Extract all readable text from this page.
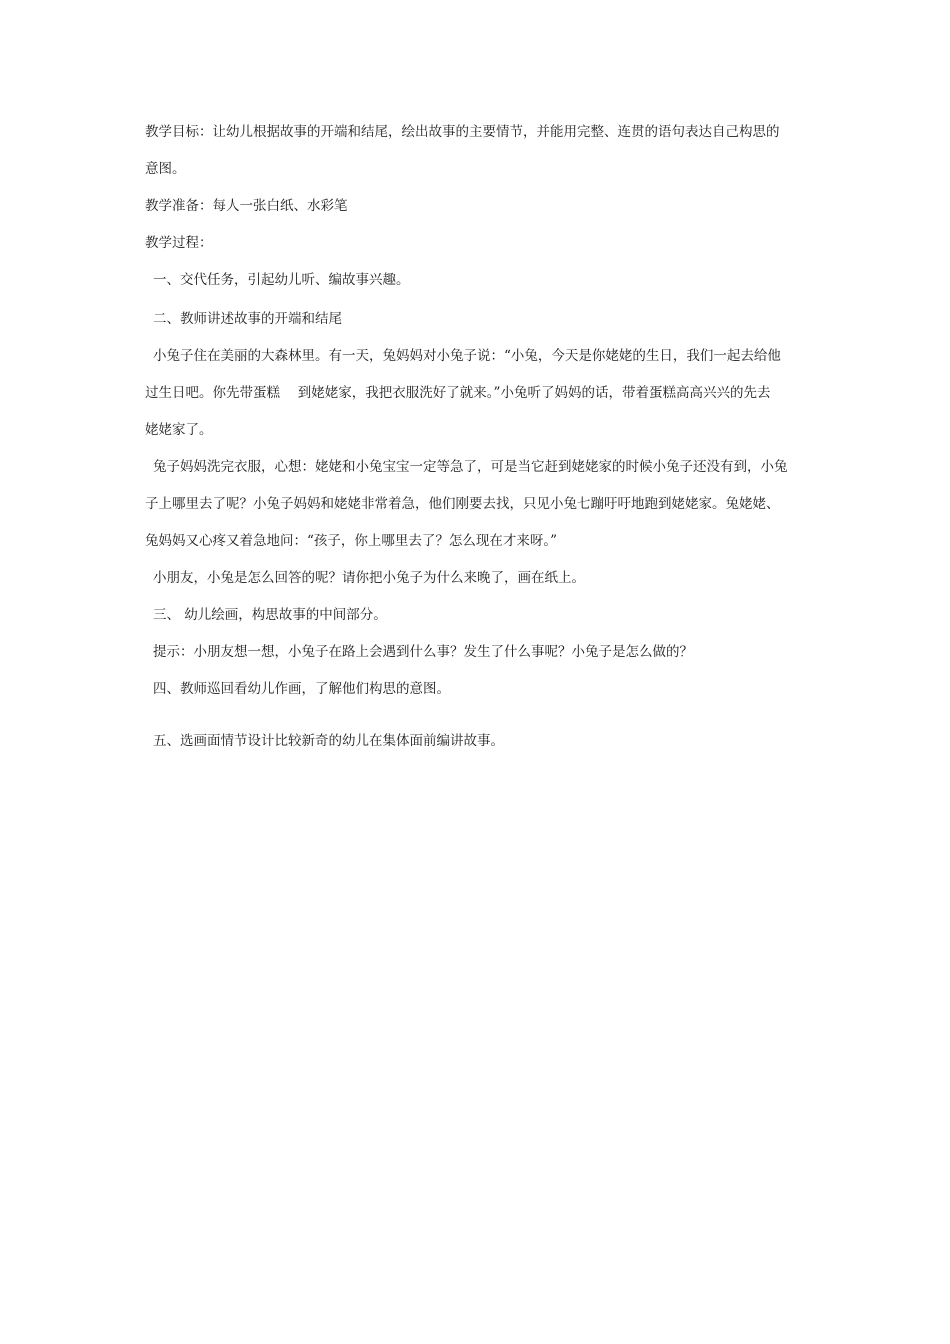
教学目标：让幼儿根据故事的开端和结尾，绘出故事的主要情节，并能用完整、连贯的语句表达自己构思的

意图。

教学准备：每人一张白纸、水彩笔

教学过程：

一、交代任务，引起幼儿听、编故事兴趣。

二、教师讲述故事的开端和结尾

小兔子住在美丽的大森林里。有一天，兔妈妈对小兔子说：“小兔，今天是你姥姥的生日，我们一起去给他

过生日吧。你先带蛋糕　 到姥姥家，我把衣服洗好了就来。”小兔听了妈妈的话，带着蛋糕高高兴兴的先去

姥姥家了。

兔子妈妈洗完衣服，心想：姥姥和小兔宝宝一定等急了，可是当它赶到姥姥家的时候小兔子还没有到，小兔

子上哪里去了呢？小兔子妈妈和姥姥非常着急，他们刚要去找，只见小兔七蹦吁吁地跑到姥姥家。兔姥姥、

兔妈妈又心疼又着急地问：“孩子，你上哪里去了？怎么现在才来呀。”

小朋友，小兔是怎么回答的呢？请你把小兔子为什么来晚了，画在纸上。

三、 幼儿绘画，构思故事的中间部分。

提示：小朋友想一想，小兔子在路上会遇到什么事？发生了什么事呢？小兔子是怎么做的？

四、教师巡回看幼儿作画，了解他们构思的意图。

五、选画面情节设计比较新奇的幼儿在集体面前编讲故事。
